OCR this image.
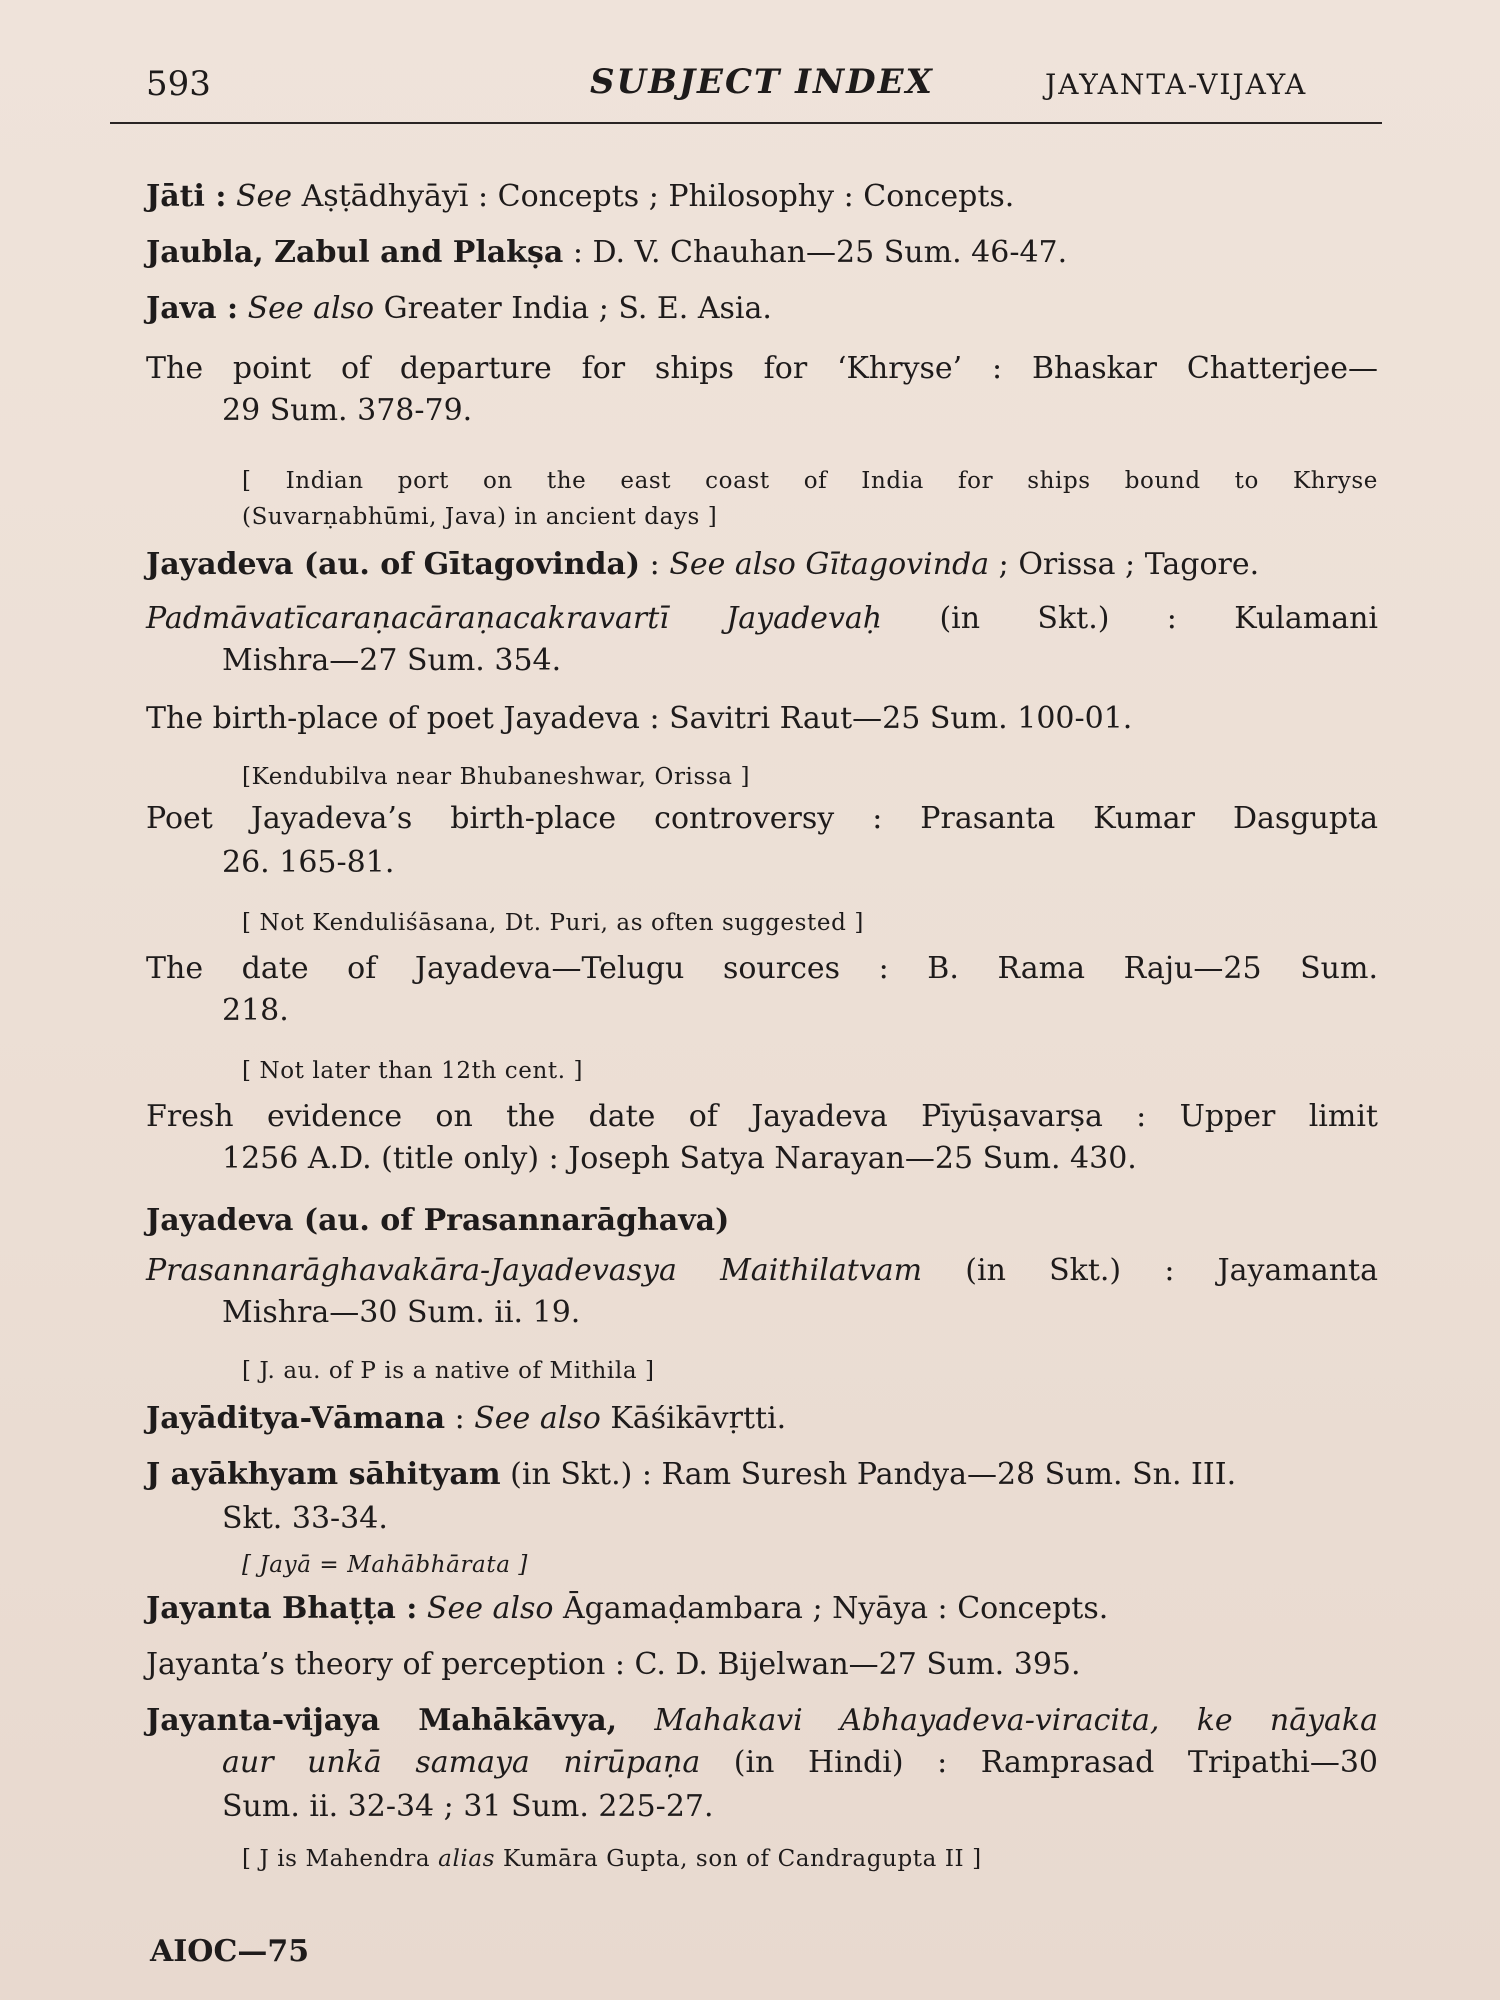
593	SUBJECT INDEX	JAYANTA-VIJAYA
Jāti : See Aṣṭādhyāyī : Concepts ; Philosophy : Concepts.
Jaubla, Zabul and Plakṣa : D. V. Chauhan—25 Sum. 46-47.
Java : See also Greater India ; S. E. Asia.
The point of departure for ships for ‘Khryse’ : Bhaskar Chatterjee—
29 Sum. 378-79.
[ Indian port on the east coast of India for ships bound to Khryse
(Suvarṇabhūmi, Java) in ancient days ]
Jayadeva (au. of Gītagovinda) : See also Gītagovinda ; Orissa ; Tagore.
Padmāvatīcaraṇacāraṇacakravartī Jayadevaḥ (in Skt.) : Kulamani
Mishra—27 Sum. 354.
The birth-place of poet Jayadeva : Savitri Raut—25 Sum. 100-01.
[Kendubilva near Bhubaneshwar, Orissa ]
Poet Jayadeva’s birth-place controversy : Prasanta Kumar Dasgupta
26. 165-81.
[ Not Kenduliśāsana, Dt. Puri, as often suggested ]
The date of Jayadeva—Telugu sources : B. Rama Raju—25 Sum.
218.
[ Not later than 12th cent. ]
Fresh evidence on the date of Jayadeva Pīyūṣavarṣa : Upper limit
1256 A.D. (title only) : Joseph Satya Narayan—25 Sum. 430.
Jayadeva (au. of Prasannarāghava)
Prasannarāghavakāra-Jayadevasya Maithilatvam (in Skt.) : Jayamanta
Mishra—30 Sum. ii. 19.
[ J. au. of P is a native of Mithila ]
Jayāditya-Vāmana : See also Kāśikāvṛtti.
J ayākhyam sāhityam (in Skt.) : Ram Suresh Pandya—28 Sum. Sn. III.
Skt. 33-34.
[ Jayā = Mahābhārata ]
Jayanta Bhaṭṭa : See also Āgamaḍambara ; Nyāya : Concepts.
Jayanta’s theory of perception : C. D. Bijelwan—27 Sum. 395.
Jayanta-vijaya Mahākāvya, Mahakavi Abhayadeva-viracita, ke nāyaka
aur unkā samaya nirūpaṇa (in Hindi) : Ramprasad Tripathi—30
Sum. ii. 32-34 ; 31 Sum. 225-27.
[ J is Mahendra alias Kumāra Gupta, son of Candragupta II ]
AIOC—75
